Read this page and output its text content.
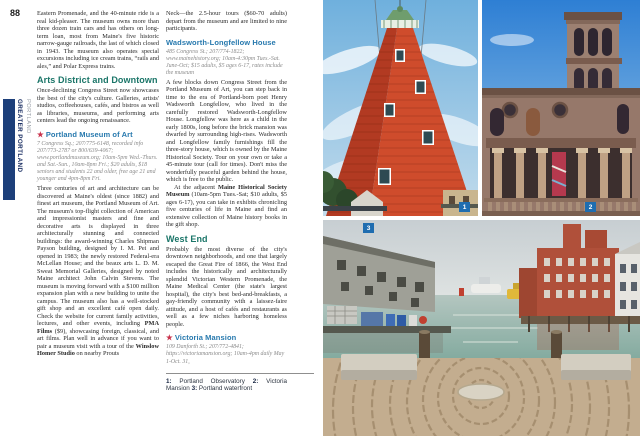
88
GREATER PORTLAND PORTLAND

Eastern Promenade, and the 40-minute ride is a real kid-pleaser. The museum owns more than three dozen train cars and has others on long-term loan, most from Maine's five historic narrow-gauge railroads, the last of which closed in 1943. The museum also operates special excursions including ice cream trains, “rails and ales,” and Polar Express trains.

Arts District and Downtown

Once-declining Congress Street now showcases the best of the city's culture. Galleries, artists' studios, coffeehouses, cafés, and bistros as well as libraries, museums, and performing arts centers lead the ongoing renaissance.

★ Portland Museum of Art

7 Congress Sq.; 207/775-6148, recorded info 207/773-2787 or 800/639-4067; www.portlandmuseum.org; 10am-5pm Wed.-Thurs. and Sat.-Sun., 10am-8pm Fri.; $20 adults, $18 seniors and students 22 and older, free age 21 and younger and 4pm-8pm Fri.

Three centuries of art and architecture can be discovered at Maine's oldest (since 1882) and finest art museum, the Portland Museum of Art. The museum's top-flight collection of American and impressionist masters and fine and decorative arts is displayed in three architecturally stunning and connected buildings: the award-winning Charles Shipman Payson building, designed by I. M. Pei and opened in 1983; the newly restored Federal-era McLellan House; and the beaux arts L. D. M. Sweat Memorial Galleries, designed by noted Maine architect John Calvin Stevens. The museum is moving forward with a $100 million expansion plan with a new building to unite the campus. The museum also has a well-stocked gift shop and an excellent café open daily. Check the website for current family activities, lectures, and other events, including PMA Films ($9), showcasing foreign, classical, and art films. Plan well in advance if you want to pair a museum visit with a tour of the Winslow Homer Studio on nearby Prouts

Neck—the 2.5-hour tours ($60-70 adults) depart from the museum and are limited to nine participants.

Wadsworth-Longfellow House

485 Congress St.; 207/774-1822; www.mainehistory.org; 10am-4:30pm Tues.-Sat. June-Oct; $15 adults, $5 ages 6-17, rates include the museum

A few blocks down Congress Street from the Portland Museum of Art, you can step back in time to the era of Portland-born poet Henry Wadsworth Longfellow, who lived in the carefully restored Wadsworth-Longfellow House. Longfellow was here as a child in the early 1800s, long before the brick mansion was dwarfed by surrounding high-rises. Wadsworth and Longfellow family furnishings fill the three-story house, which is owned by the Maine Historical Society. Tour on your own or take a 45-minute tour (call for times). Don't miss the wonderfully peaceful garden behind the house, which is free to the public.

At the adjacent Maine Historical Society Museum (10am-5pm Tues.-Sat; $10 adults, $5 ages 6-17), you can take in exhibits chronicling five centuries of life in Maine and find an extensive collection of Maine history books in the gift shop.

West End

Probably the most diverse of the city's downtown neighborhoods, and one that largely escaped the Great Fire of 1866, the West End includes the historically and architecturally splendid Victorian Western Promenade, the Maine Medical Center (the state's largest hospital), the city's best bed-and-breakfasts, a gay-friendly community with a laissez-faire attitude, and a host of cafés and restaurants as well as a few niches harboring homeless people.

★ Victoria Mansion

109 Danforth St.; 207/772-4841; https://victoriamansion.org; 10am-4pm daily May 1-Oct. 31,

1: Portland Observatory 2: Victoria Mansion 3: Portland waterfront

1	2
3
